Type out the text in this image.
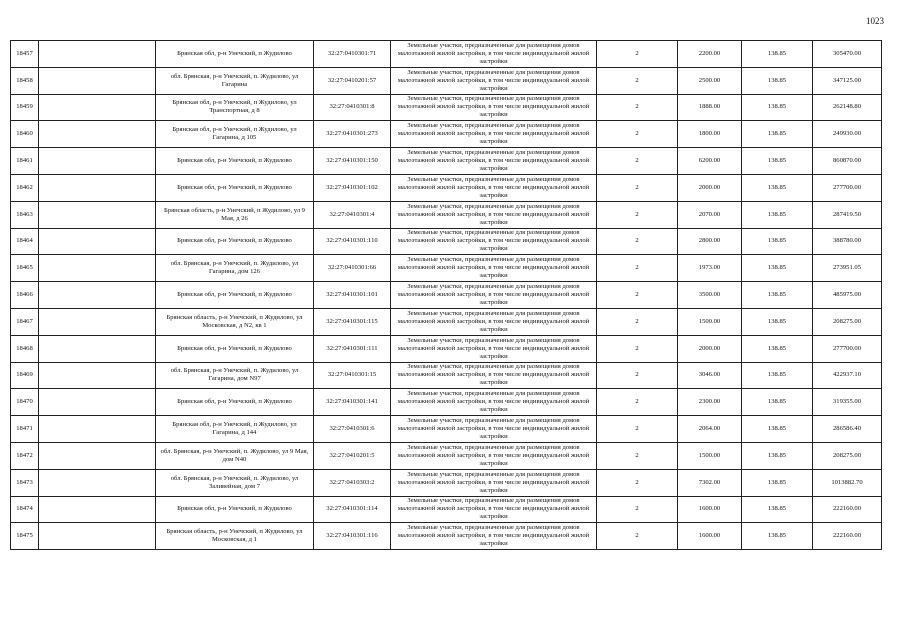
1023
18457		Брянская обл, р-н Унечский, п Жудилово	32:27:0410301:71	Земельные участки, предназначенные для размещения домов малоэтажной жилой застройки, в том числе индивидуальной жилой застройки	2	2200.00	138.85	305470.00
18458		обл. Брянская, р-н Унечский, п. Жудилово, ул Гагарина	32:27:0410201:57	Земельные участки, предназначенные для размещения домов малоэтажной жилой застройки, в том числе индивидуальной жилой застройки	2	2500.00	138.85	347125.00
18459		Брянская обл, р-н Унечский, п Жудилово, ул Транспортная, д 8	32:27:0410301:8	Земельные участки, предназначенные для размещения домов малоэтажной жилой застройки, в том числе индивидуальной жилой застройки	2	1888.00	138.85	262148.80
18460		Брянская обл, р-н Унечский, п Жудилово, ул Гагарина, д 105	32:27:0410301:273	Земельные участки, предназначенные для размещения домов малоэтажной жилой застройки, в том числе индивидуальной жилой застройки	2	1800.00	138.85	249930.00
18461		Брянская обл, р-н Унечский, п Жудилово	32:27:0410301:150	Земельные участки, предназначенные для размещения домов малоэтажной жилой застройки, в том числе индивидуальной жилой застройки	2	6200.00	138.85	860870.00
18462		Брянская обл, р-н Унечский, п Жудилово	32:27:0410301:102	Земельные участки, предназначенные для размещения домов малоэтажной жилой застройки, в том числе индивидуальной жилой застройки	2	2000.00	138.85	277700.00
18463		Брянская область, р-н Унечский, п Жудилово, ул 9 Мая, д 26	32:27:0410301:4	Земельные участки, предназначенные для размещения домов малоэтажной жилой застройки, в том числе индивидуальной жилой застройки	2	2070.00	138.85	287419.50
18464		Брянская обл, р-н Унечский, п Жудилово	32:27:0410301:110	Земельные участки, предназначенные для размещения домов малоэтажной жилой застройки, в том числе индивидуальной жилой застройки	2	2800.00	138.85	388780.00
18465		обл. Брянская, р-н Унечский, п. Жудилово, ул Гагарина, дом 126	32:27:0410301:66	Земельные участки, предназначенные для размещения домов малоэтажной жилой застройки, в том числе индивидуальной жилой застройки	2	1973.00	138.85	273951.05
18466		Брянская обл, р-н Унечский, п Жудилово	32:27:0410301:101	Земельные участки, предназначенные для размещения домов малоэтажной жилой застройки, в том числе индивидуальной жилой застройки	2	3500.00	138.85	485975.00
18467		Брянская область, р-н Унечский, п Жудилово, ул Московская, д N2, кв 1	32:27:0410301:115	Земельные участки, предназначенные для размещения домов малоэтажной жилой застройки, в том числе индивидуальной жилой застройки	2	1500.00	138.85	208275.00
18468		Брянская обл, р-н Унечский, п Жудилово	32:27:0410301:111	Земельные участки, предназначенные для размещения домов малоэтажной жилой застройки, в том числе индивидуальной жилой застройки	2	2000.00	138.85	277700.00
18469		обл. Брянская, р-н Унечский, п. Жудилово, ул Гагарина, дом N97	32:27:0410301:15	Земельные участки, предназначенные для размещения домов малоэтажной жилой застройки, в том числе индивидуальной жилой застройки	2	3046.00	138.85	422937.10
18470		Брянская обл, р-н Унечский, п Жудилово	32:27:0410301:141	Земельные участки, предназначенные для размещения домов малоэтажной жилой застройки, в том числе индивидуальной жилой застройки	2	2300.00	138.85	319355.00
18471		Брянская обл, р-н Унечский, п Жудилово, ул Гагарина, д 144	32:27:0410301:6	Земельные участки, предназначенные для размещения домов малоэтажной жилой застройки, в том числе индивидуальной жилой застройки	2	2064.00	138.85	286586.40
18472		обл. Брянская, р-н Унечский, п. Жудилово, ул 9 Мая, дом N40	32:27:0410201:5	Земельные участки, предназначенные для размещения домов малоэтажной жилой застройки, в том числе индивидуальной жилой застройки	2	1500.00	138.85	208275.00
18473		обл. Брянская, р-н Унечский, п. Жудилово, ул Заливейная, дом 7	32:27:0410303:2	Земельные участки, предназначенные для размещения домов малоэтажной жилой застройки, в том числе индивидуальной жилой застройки	2	7302.00	138.85	1013882.70
18474		Брянская обл, р-н Унечский, п Жудилово	32:27:0410301:114	Земельные участки, предназначенные для размещения домов малоэтажной жилой застройки, в том числе индивидуальной жилой застройки	2	1600.00	138.85	222160.00
18475		Брянская область, р-н Унечский, п Жудилово, ул Московская, д 1	32:27:0410301:116	Земельные участки, предназначенные для размещения домов малоэтажной жилой застройки, в том числе индивидуальной жилой застройки	2	1600.00	138.85	222160.00
